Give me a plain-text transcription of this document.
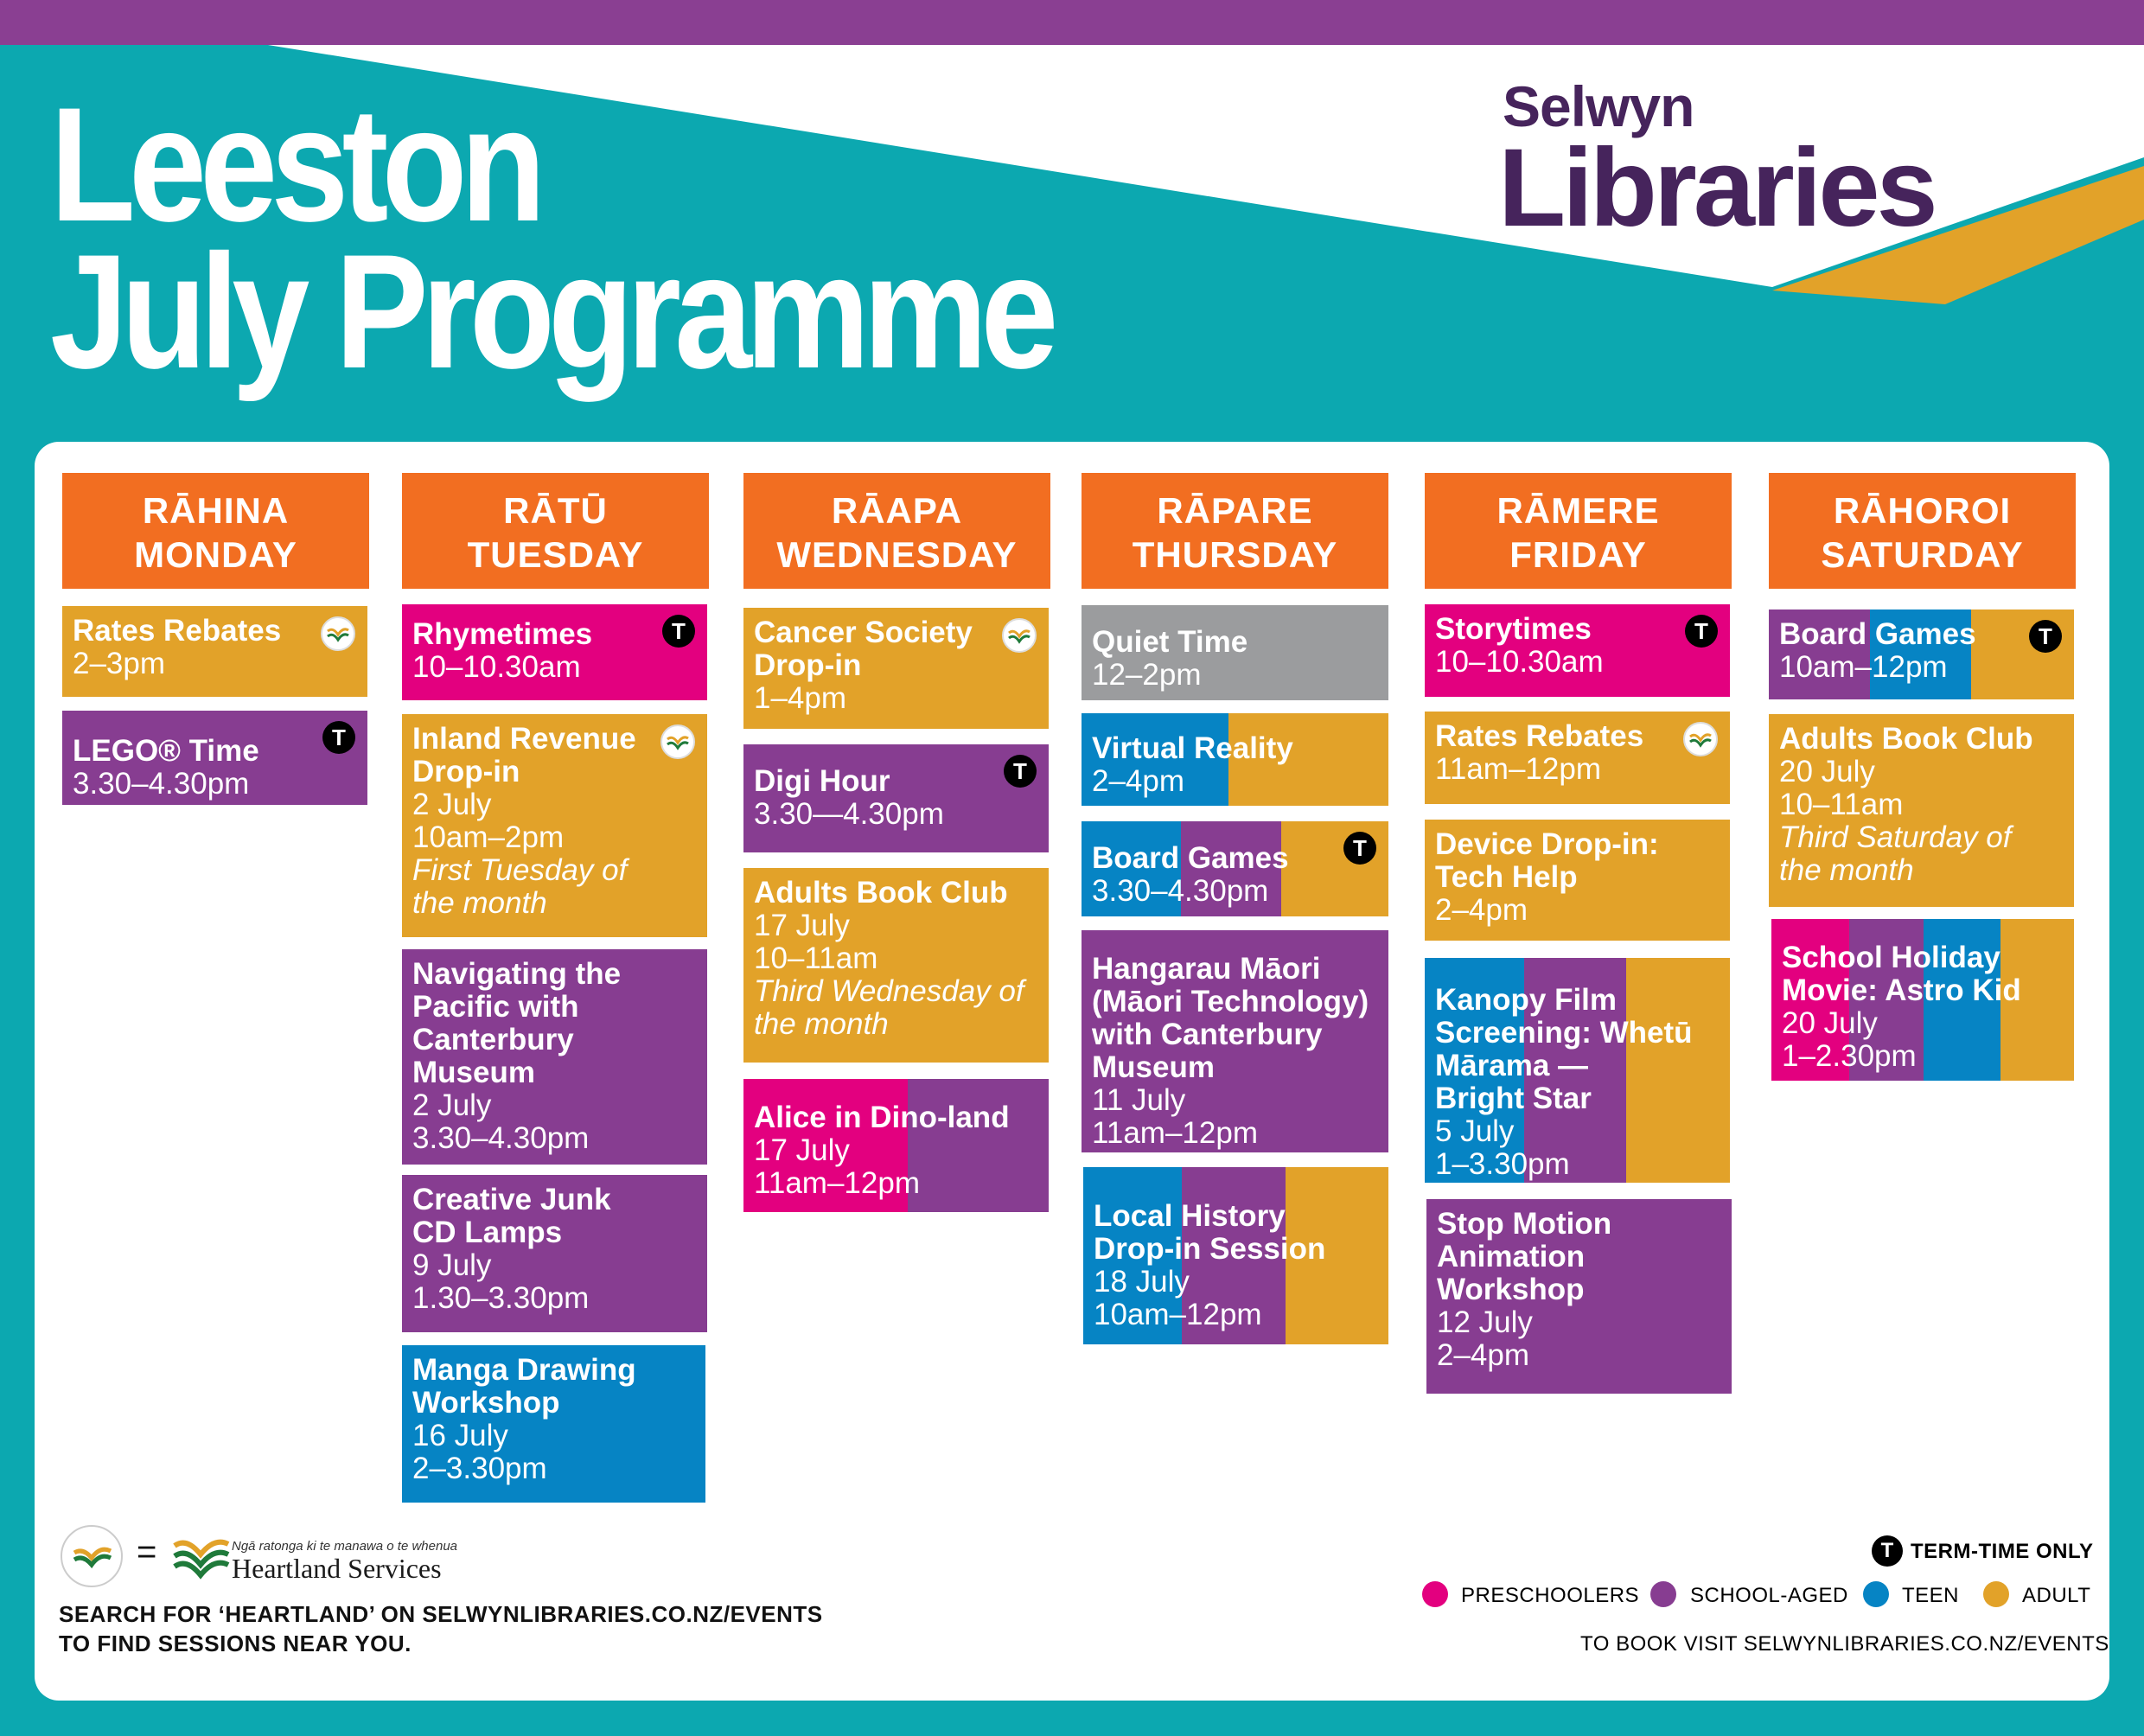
Leeston
July Programme
Selwyn
Libraries
RĀHINA
MONDAY
RĀTŪ
TUESDAY
RĀAPA
WEDNESDAY
RĀPARE
THURSDAY
RĀMERE
FRIDAY
RĀHOROI
SATURDAY
Rates Rebates
2–3pm
LEGO® Time
3.30–4.30pm
T
Rhymetimes
10–10.30am
T
Inland Revenue
Drop-in
2 July
10am–2pm
First Tuesday of
the month
Navigating the
Pacific with
Canterbury
Museum
2 July
3.30–4.30pm
Creative Junk
CD Lamps
9 July
1.30–3.30pm
Manga Drawing
Workshop
16 July
2–3.30pm
Cancer Society
Drop-in
1–4pm
Digi Hour
3.30—4.30pm
T
Adults Book Club
17 July
10–11am
Third Wednesday of
the month
Alice in Dino-land
17 July
11am–12pm
Quiet Time
12–2pm
Virtual Reality
2–4pm
Board Games
3.30–4.30pm
T
Hangarau Māori
(Māori Technology)
with Canterbury
Museum
11 July
11am–12pm
Local History
Drop-in Session
18 July
10am–12pm
Storytimes
10–10.30am
T
Rates Rebates
11am–12pm
Device Drop-in:
Tech Help
2–4pm
Kanopy Film
Screening: Whetū
Mārama —
Bright Star
5 July
1–3.30pm
Stop Motion
Animation
Workshop
12 July
2–4pm
Board Games
10am–12pm
T
Adults Book Club
20 July
10–11am
Third Saturday of
the month
School Holiday
Movie: Astro Kid
20 July
1–2.30pm
=	Ngā ratonga ki te manawa o te whenua
Heartland Services
SEARCH FOR ‘HEARTLAND’ ON SELWYNLIBRARIES.CO.NZ/EVENTS
TO FIND SESSIONS NEAR YOU.
T TERM-TIME ONLY
PRESCHOOLERS SCHOOL-AGED	TEEN	ADULT
TO BOOK VISIT SELWYNLIBRARIES.CO.NZ/EVENTS
